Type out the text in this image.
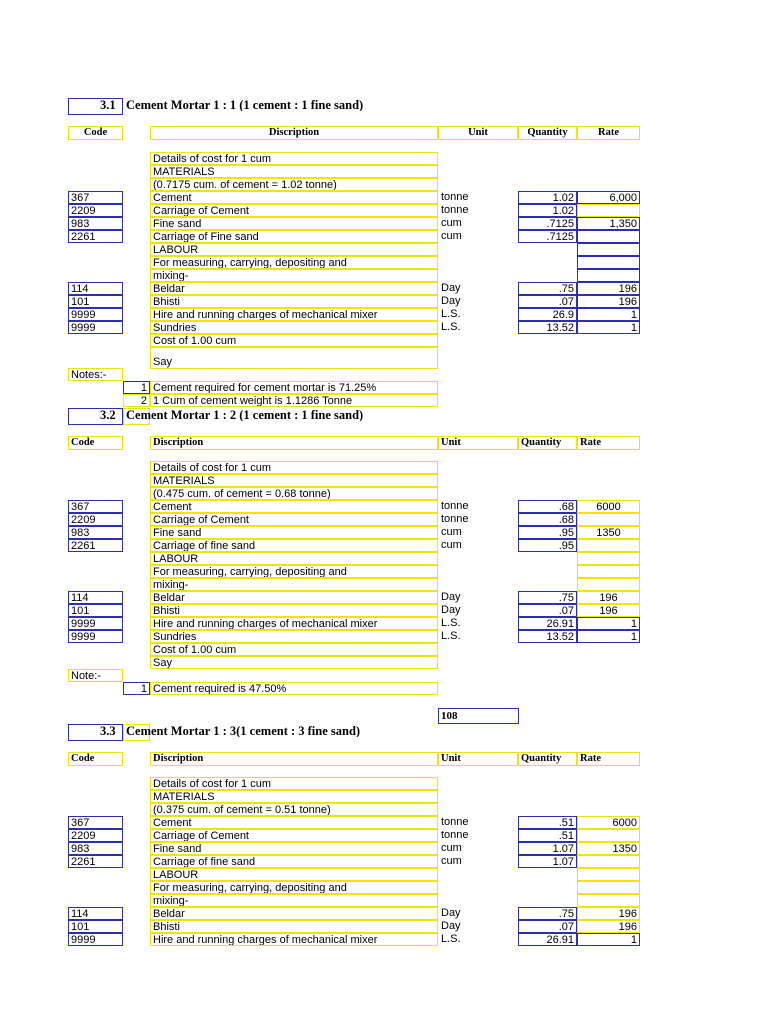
3.1 Cement Mortar 1 : 1 (1 cement : 1 fine sand)
Code	Discription	Unit	Quantity	Rate
Details of cost for 1 cum
MATERIALS
(0.7175 cum. of cement = 1.02 tonne)
367	Cement	tonne	1.02	6,000
2209	Carriage of Cement	tonne	1.02
983	Fine sand	cum	.7125	1,350
2261	Carriage of Fine sand	cum	.7125
LABOUR
For measuring, carrying, depositing and
mixing-
114	Beldar	Day	.75	196
101	Bhisti	Day	.07	196
9999	Hire and running charges of mechanical mixer	L.S.	26.9	1
9999	Sundries	L.S.	13.52	1
Cost of 1.00 cum
Say
Notes:-
1 Cement required for cement mortar is 71.25%
2 1 Cum of cement weight is 1.1286 Tonne
3.2 Cement Mortar 1 : 2 (1 cement : 1 fine sand)
Code	Discription	Unit	Quantity	Rate
Details of cost for 1 cum
MATERIALS
(0.475 cum. of cement = 0.68 tonne)
367	Cement	tonne	.68	6000
2209	Carriage of Cement	tonne	.68
983	Fine sand	cum	.95	1350
2261	Carriage of fine sand	cum	.95
LABOUR
For measuring, carrying, depositing and
mixing-
114	Beldar	Day	.75	196
101	Bhisti	Day	.07	196
9999	Hire and running charges of mechanical mixer	L.S.	26.91	1
9999	Sundries	L.S.	13.52	1
Cost of 1.00 cum
Say
Note:-
1 Cement required is 47.50%
108
3.3 Cement Mortar 1 : 3(1 cement : 3 fine sand)
Code	Discription	Unit	Quantity	Rate
Details of cost for 1 cum
MATERIALS
(0.375 cum. of cement = 0.51 tonne)
367	Cement	tonne	.51	6000
2209	Carriage of Cement	tonne	.51
983	Fine sand	cum	1.07	1350
2261	Carriage of fine sand	cum	1.07
LABOUR
For measuring, carrying, depositing and
mixing-
114	Beldar	Day	.75	196
101	Bhisti	Day	.07	196
9999	Hire and running charges of mechanical mixer	L.S.	26.91	1
